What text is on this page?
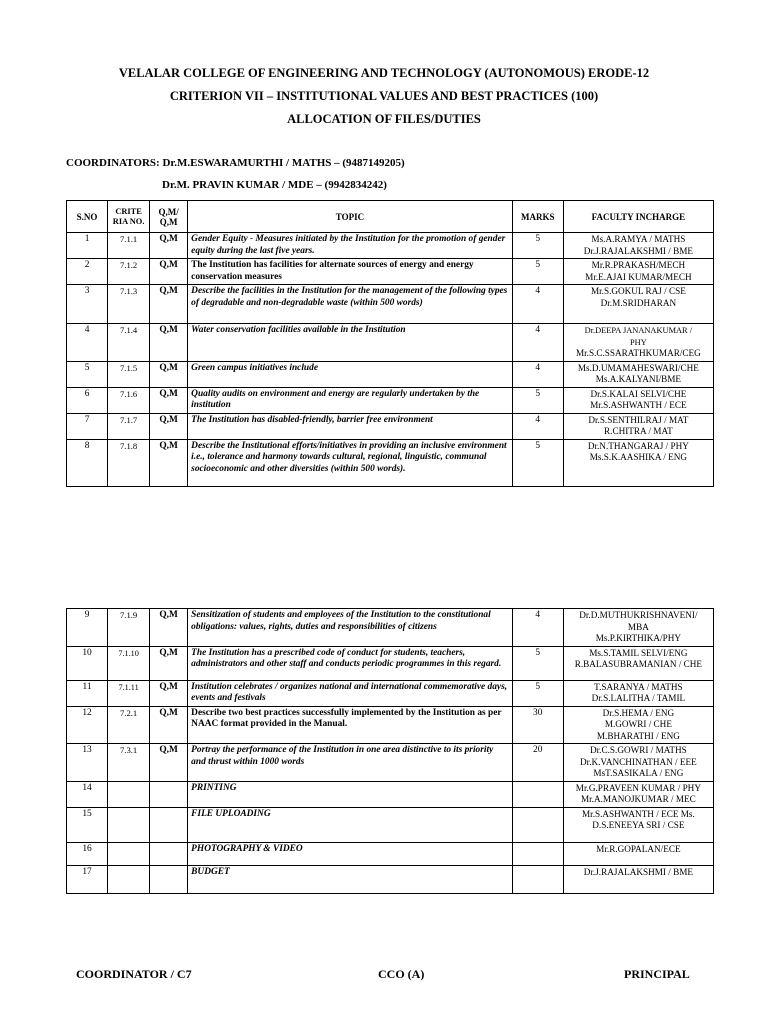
VELALAR COLLEGE OF ENGINEERING AND TECHNOLOGY (AUTONOMOUS) ERODE-12
CRITERION VII – INSTITUTIONAL VALUES AND BEST PRACTICES (100)
ALLOCATION OF FILES/DUTIES
COORDINATORS: Dr.M.ESWARAMURTHI / MATHS – (9487149205)
Dr.M. PRAVIN KUMAR / MDE – (9942834242)
S.NO	CRITE RIA NO.	Q,M/ Q,M	TOPIC	MARKS	FACULTY INCHARGE
1	7.1.1	Q,M	Gender Equity - Measures initiated by the Institution for the promotion of gender equity during the last five years.	5	Ms.A.RAMYA / MATHS
Dr.J.RAJALAKSHMI / BME

2	7.1.2	Q,M	The Institution has facilities for alternate sources of energy and energy conservation measures	5	Mr.R.PRAKASH/MECH
Mr.E.AJAI KUMAR/MECH

3	7.1.3	Q,M	Describe the facilities in the Institution for the management of the following types of degradable and non-degradable waste (within 500 words)	4	Mr.S.GOKUL RAJ / CSE
Dr.M.SRIDHARAN

4	7.1.4	Q,M	Water conservation facilities available in the Institution	4	Dr.DEEPA JANANAKUMAR /
PHY
Mr.S.C.SSARATHKUMAR/CEG

5	7.1.5	Q,M	Green campus initiatives include	4	Ms.D.UMAMAHESWARI/CHE
Ms.A.KALYANI/BME

6	7.1.6	Q,M	Quality audits on environment and energy are regularly undertaken by the institution	5	Dr.S.KALAI SELVI/CHE
Mr.S.ASHWANTH / ECE

7	7.1.7	Q,M	The Institution has disabled-friendly, barrier free environment	4	Dr.S.SENTHILRAJ / MAT
R.CHITRA / MAT

8	7.1.8	Q,M	Describe the Institutional efforts/initiatives in providing an inclusive environment i.e., tolerance and harmony towards cultural, regional, linguistic, communal socioeconomic and other diversities (within 500 words).	5	Dr.N.THANGARAJ / PHY
Ms.S.K.AASHIKA / ENG
9	7.1.9	Q,M	Sensitization of students and employees of the Institution to the constitutional obligations: values, rights, duties and responsibilities of citizens	4	Dr.D.MUTHUKRISHNAVENI/
MBA
Ms.P.KIRTHIKA/PHY

10	7.1.10	Q,M	The Institution has a prescribed code of conduct for students, teachers, administrators and other staff and conducts periodic programmes in this regard.	5	Ms.S.TAMIL SELVI/ENG
R.BALASUBRAMANIAN / CHE

11	7.1.11	Q,M	Institution celebrates / organizes national and international commemorative days, events and festivals	5	T.SARANYA / MATHS
Dr.S.LALITHA / TAMIL

12	7.2.1	Q,M	Describe two best practices successfully implemented by the Institution as per NAAC format provided in the Manual.	30	Dr.S.HEMA / ENG
M.GOWRI / CHE
M.BHARATHI / ENG

13	7.3.1	Q,M	Portray the performance of the Institution in one area distinctive to its priority and thrust within 1000 words	20	Dr.C.S.GOWRI / MATHS
Dr.K.VANCHINATHAN / EEE
MsT.SASIKALA / ENG

14			PRINTING		Mr.G.PRAVEEN KUMAR / PHY
Mr.A.MANOJKUMAR / MEC

15			FILE UPLOADING		Mr.S.ASHWANTH / ECE Ms.
D.S.ENEEYA SRI / CSE

16			PHOTOGRAPHY & VIDEO		Mr.R.GOPALAN/ECE

17			BUDGET		Dr.J.RAJALAKSHMI / BME
COORDINATOR / C7	CCO (A)	PRINCIPAL
